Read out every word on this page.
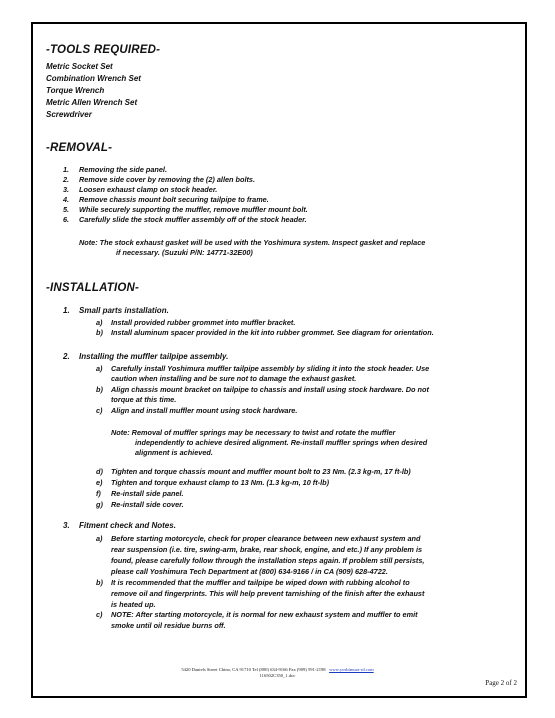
-TOOLS REQUIRED-
Metric Socket Set
Combination Wrench Set
Torque Wrench
Metric Allen Wrench Set
Screwdriver
-REMOVAL-
1. Removing the side panel.
2. Remove side cover by removing the (2) allen bolts.
3. Loosen exhaust clamp on stock header.
4. Remove chassis mount bolt securing tailpipe to frame.
5. While securely supporting the muffler, remove muffler mount bolt.
6. Carefully slide the stock muffler assembly off of the stock header.
Note: The stock exhaust gasket will be used with the Yoshimura system. Inspect gasket and replace
if necessary. (Suzuki P/N: 14771-32E00)
-INSTALLATION-
1. Small parts installation.
a) Install provided rubber grommet into muffler bracket.
b) Install aluminum spacer provided in the kit into rubber grommet. See diagram for orientation.
2. Installing the muffler tailpipe assembly.
a) Carefully install Yoshimura muffler tailpipe assembly by sliding it into the stock header. Use
caution when installing and be sure not to damage the exhaust gasket.
b) Align chassis mount bracket on tailpipe to chassis and install using stock hardware. Do not
torque at this time.
c) Align and install muffler mount using stock hardware.
Note: Removal of muffler springs may be necessary to twist and rotate the muffler
independently to achieve desired alignment. Re-install muffler springs when desired
alignment is achieved.
d) Tighten and torque chassis mount and muffler mount bolt to 23 Nm. (2.3 kg-m, 17 ft-lb)
e) Tighten and torque exhaust clamp to 13 Nm. (1.3 kg-m, 10 ft-lb)
f) Re-install side panel.
g) Re-install side cover.
3. Fitment check and Notes.
a) Before starting motorcycle, check for proper clearance between new exhaust system and
rear suspension (i.e. tire, swing-arm, brake, rear shock, engine, and etc.) If any problem is
found, please carefully follow through the installation steps again. If problem still persists,
please call Yoshimura Tech Department at (800) 634-9166 / in CA (909) 628-4722.
b) It is recommended that the muffler and tailpipe be wiped down with rubbing alcohol to
remove oil and fingerprints. This will help prevent tarnishing of the finish after the exhaust
is heated up.
c) NOTE: After starting motorcycle, it is normal for new exhaust system and muffler to emit
smoke until oil residue burns off.
5420 Daniels Street Chino, CA 91710 Tel (800) 634-9166 Fax (909) 591-2198 www.yoshimura-rd.com
116502C350_1.doc
Page 2 of 2
